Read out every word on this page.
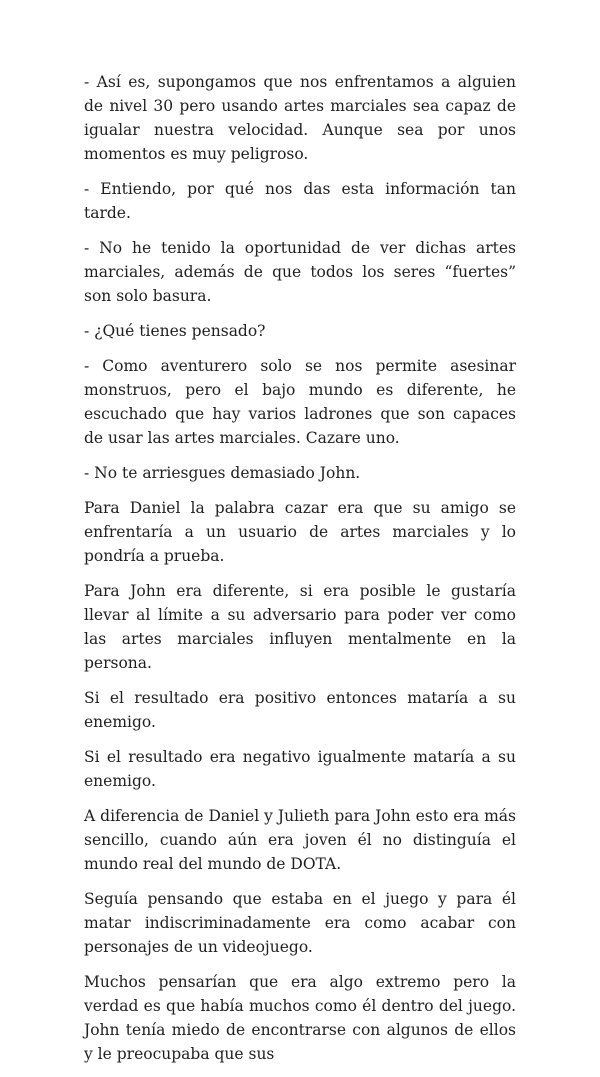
- Así es, supongamos que nos enfrentamos a alguien de nivel 30 pero usando artes marciales sea capaz de igualar nuestra velocidad. Aunque sea por unos momentos es muy peligroso.

- Entiendo, por qué nos das esta información tan tarde.

- No he tenido la oportunidad de ver dichas artes marciales, además de que todos los seres “fuertes” son solo basura.

- ¿Qué tienes pensado?

- Como aventurero solo se nos permite asesinar monstruos, pero el bajo mundo es diferente, he escuchado que hay varios ladrones que son capaces de usar las artes marciales. Cazare uno.

- No te arriesgues demasiado John.

Para Daniel la palabra cazar era que su amigo se enfrentaría a un usuario de artes marciales y lo pondría a prueba.

Para John era diferente, si era posible le gustaría llevar al límite a su adversario para poder ver como las artes marciales influyen mentalmente en la persona.

Si el resultado era positivo entonces mataría a su enemigo.

Si el resultado era negativo igualmente mataría a su enemigo.

A diferencia de Daniel y Julieth para John esto era más sencillo, cuando aún era joven él no distinguía el mundo real del mundo de DOTA.

Seguía pensando que estaba en el juego y para él matar indiscriminadamente era como acabar con personajes de un videojuego.

Muchos pensarían que era algo extremo pero la verdad es que había muchos como él dentro del juego. John tenía miedo de encontrarse con algunos de ellos y le preocupaba que sus
